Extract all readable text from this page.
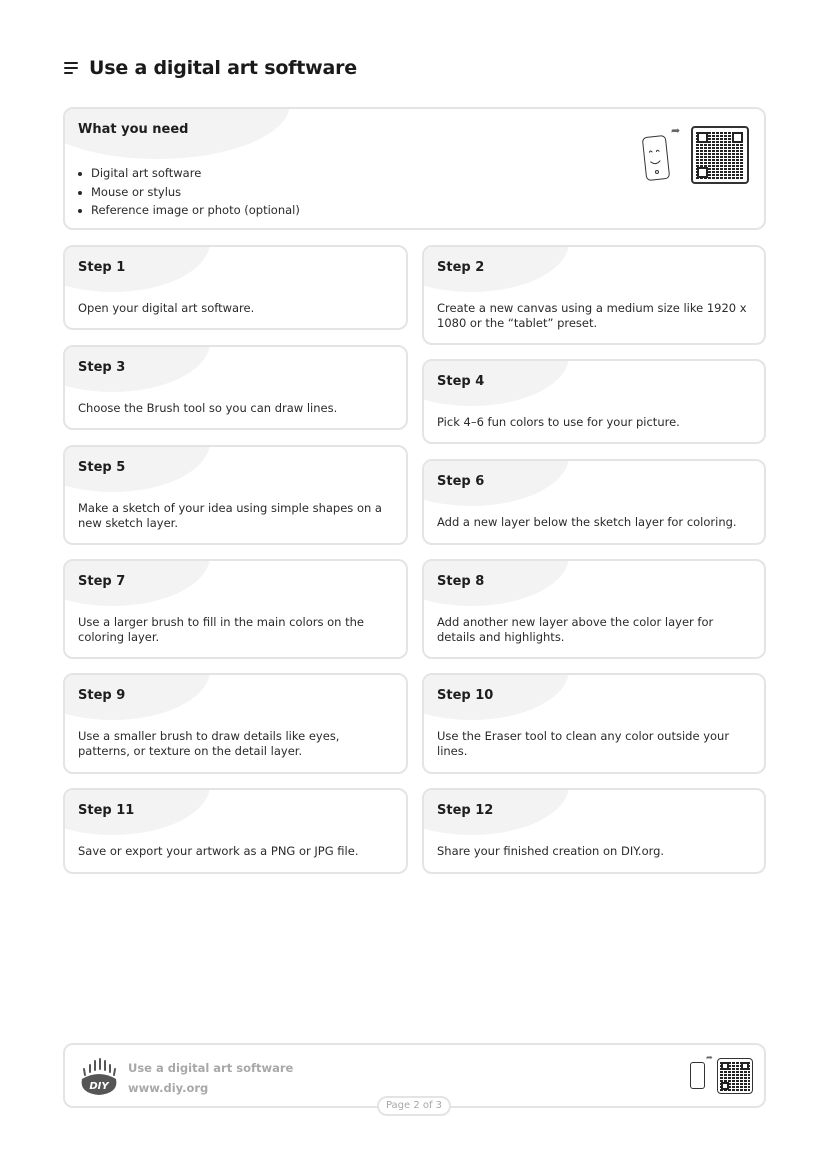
Use a digital art software
What you need
Digital art software
Mouse or stylus
Reference image or photo (optional)
➦
Step 1

Open your digital art software.

Step 2

Create a new canvas using a medium size like 1920 x 1080 or the “tablet” preset.

Step 3

Choose the Brush tool so you can draw lines.

Step 4

Pick 4–6 fun colors to use for your picture.

Step 5

Make a sketch of your idea using simple shapes on a new sketch layer.

Step 6

Add a new layer below the sketch layer for coloring.

Step 7

Use a larger brush to fill in the main colors on the coloring layer.

Step 8

Add another new layer above the color layer for details and highlights.

Step 9

Use a smaller brush to draw details like eyes, patterns, or texture on the detail layer.

Step 10

Use the Eraser tool to clean any color outside your lines.

Step 11

Save or export your artwork as a PNG or JPG file.

Step 12

Share your finished creation on DIY.org.

DIY
Use a digital art software
www.diy.org
➦
Page 2 of 3
